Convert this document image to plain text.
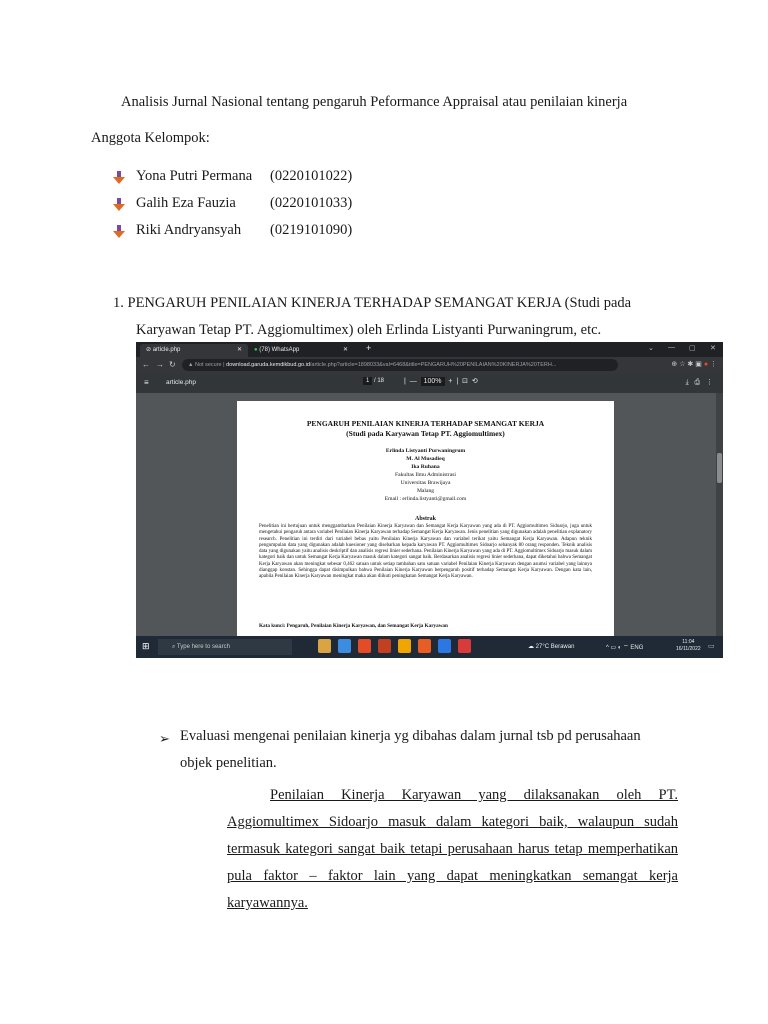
Analisis Jurnal Nasional tentang pengaruh Peformance Appraisal atau penilaian kinerja
Anggota Kelompok:
Yona Putri Permana (0220101022)
Galih Eza Fauzia (0220101033)
Riki Andryansyah (0219101090)
1. PENGARUH PENILAIAN KINERJA TERHADAP SEMANGAT KERJA (Studi pada
Karyawan Tetap PT. Aggiomultimex) oleh Erlinda Listyanti Purwaningrum, etc.
⊘ article.php	✕	● (78) WhatsApp	✕ +	⌄ — ▢ ✕
← → ↻	▲ Not secure | download.garuda.kemdikbud.go.id/article.php?article=1898033&val=6468&title=PENGARUH%20PENILAIAN%20KINERJA%20TERH...	⊕ ☆ ✱ ▣ ● ⋮
≡	article.php	1 / 18	|  —  100%  +  |  ⊡  ⟲	⤓   ⎙   ⋮
PENGARUH PENILAIAN KINERJA TERHADAP SEMANGAT KERJA
(Studi pada Karyawan Tetap PT. Aggiomultimex)
Erlinda Listyanti Purwaningrum
M. Al Musadieq
Ika Ruhana
Fakultas Ilmu Administrasi
Universitas Brawijaya
Malang
Email : erlinda.listyanti@gmail.com
Abstrak
Penelitian ini bertujuan untuk menggambarkan Penilaian Kinerja Karyawan dan Semangat Kerja Karyawan yang ada di PT. Aggiomultimex Sidoarjo, juga untuk mengetahui pengaruh antara variabel Penilaian Kinerja Karyawan terhadap Semangat Kerja Karyawan. Jenis penelitian yang digunakan adalah penelitian explanatory research. Penelitian ini terdiri dari variabel bebas yaitu Penilaian Kinerja Karyawan dan variabel terikat yaitu Semangat Kerja Karyawan. Adapun teknik pengumpulan data yang digunakan adalah kuesioner yang disebarkan kepada karyawan PT. Aggiomultimex Sidoarjo sebanyak 80 orang responden. Teknik analisis data yang digunakan yaitu analisis deskriptif dan analisis regresi linier sederhana. Penilaian Kinerja Karyawan yang ada di PT. Aggiomultimex Sidoarjo masuk dalam kategori baik dan untuk Semangat Kerja Karyawan masuk dalam kategori sangat baik. Berdasarkan analisis regresi linier sederhana, dapat diketahui bahwa Semangat Kerja Karyawan akan meningkat sebesar 0,462 satuan untuk setiap tambahan satu satuan variabel Penilaian Kinerja Karyawan dengan asumsi variabel yang lainnya dianggap konstan. Sehingga dapat disimpulkan bahwa Penilaian Kinerja Karyawan berpengaruh positif terhadap Semangat Kerja Karyawan. Dengan kata lain, apabila Penilaian Kinerja Karyawan meningkat maka akan diikuti peningkatan Semangat Kerja Karyawan.
Kata kunci: Pengaruh, Penilaian Kinerja Karyawan, dan Semangat Kerja Karyawan
⊞	⌕ Type here to search	☁ 27°C Berawan	^ ▭ ◐ ⌔ ENG
11:04
16/11/2022 ▭
➢ Evaluasi mengenai penilaian kinerja yg dibahas dalam jurnal tsb pd perusahaan
objek penelitian.
Penilaian Kinerja Karyawan yang dilaksanakan oleh PT. Aggiomultimex Sidoarjo masuk dalam kategori baik, walaupun sudah termasuk kategori sangat baik tetapi perusahaan harus tetap memperhatikan pula faktor – faktor lain yang dapat meningkatkan semangat kerja karyawannya.
